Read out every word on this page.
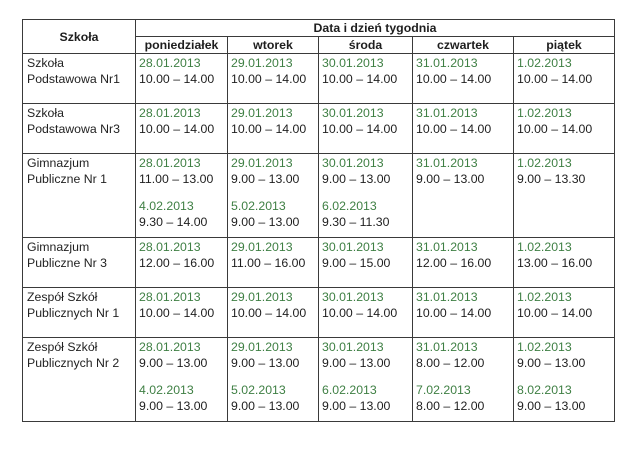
Szkoła	Data i dzień tygodnia				
	poniedziałek	wtorek	środa	czwartek	piątek

Szkoła
Podstawowa Nr1	28.01.2013
10.00 – 14.00	29.01.2013
10.00 – 14.00	30.01.2013
10.00 – 14.00	31.01.2013
10.00 – 14.00	1.02.2013
10.00 – 14.00

Szkoła
Podstawowa Nr3	28.01.2013
10.00 – 14.00	29.01.2013
10.00 – 14.00	30.01.2013
10.00 – 14.00	31.01.2013
10.00 – 14.00	1.02.2013
10.00 – 14.00

Gimnazjum
Publiczne Nr 1	28.01.2013
11.00 – 13.00
4.02.2013
9.30 – 14.00	29.01.2013
9.00 – 13.00
5.02.2013
9.00 – 13.00	30.01.2013
9.00 – 13.00
6.02.2013
9.30 – 11.30	31.01.2013
9.00 – 13.00	1.02.2013
9.00 – 13.30

Gimnazjum
Publiczne Nr 3	28.01.2013
12.00 – 16.00	29.01.2013
11.00 – 16.00	30.01.2013
9.00 – 15.00	31.01.2013
12.00 – 16.00	1.02.2013
13.00 – 16.00

Zespół Szkół
Publicznych Nr 1	28.01.2013
10.00 – 14.00	29.01.2013
10.00 – 14.00	30.01.2013
10.00 – 14.00	31.01.2013
10.00 – 14.00	1.02.2013
10.00 – 14.00

Zespół Szkół
Publicznych Nr 2	28.01.2013
9.00 – 13.00
4.02.2013
9.00 – 13.00	29.01.2013
9.00 – 13.00
5.02.2013
9.00 – 13.00	30.01.2013
9.00 – 13.00
6.02.2013
9.00 – 13.00	31.01.2013
8.00 – 12.00
7.02.2013
8.00 – 12.00	1.02.2013
9.00 – 13.00
8.02.2013
9.00 – 13.00
